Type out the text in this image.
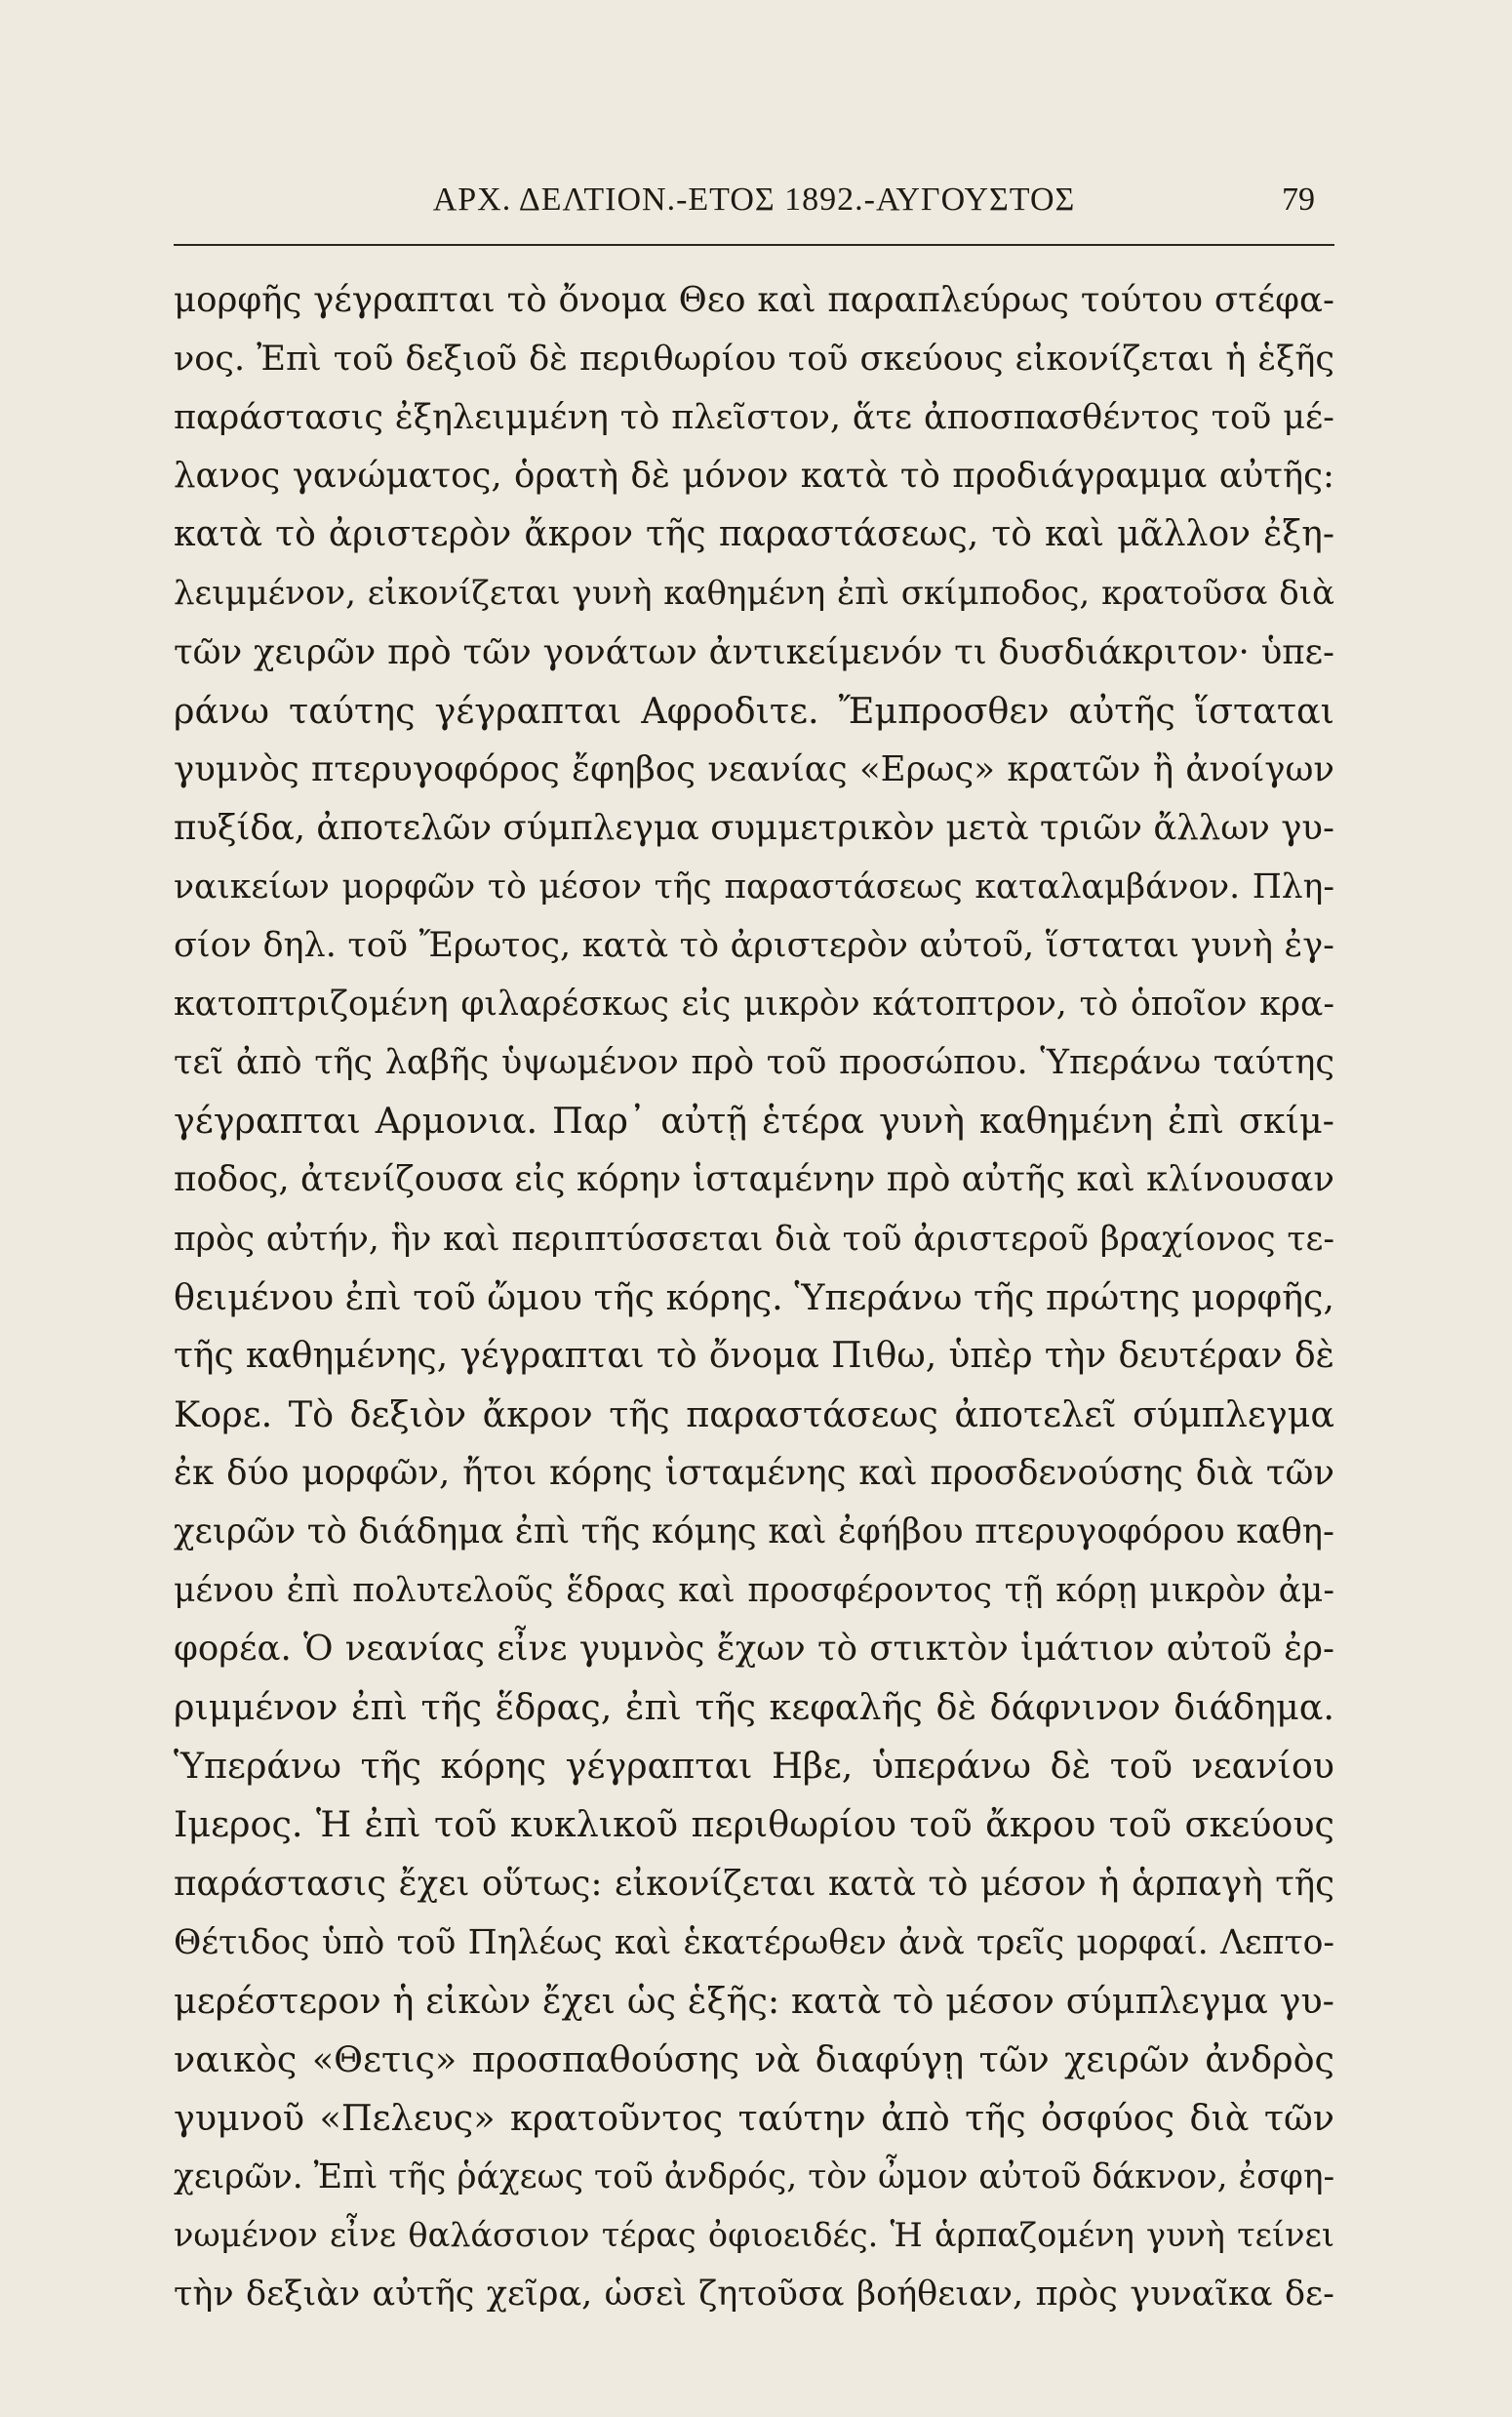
ΑΡΧ. ΔΕΛΤΙΟΝ.-ΕΤΟΣ 1892.-ΑΥΓΟΥΣΤΟΣ	79
μορφῆς γέγραπται τὸ ὄνομα Θεο καὶ παραπλεύρως τούτου στέφα-
νος. Ἐπὶ τοῦ δεξιοῦ δὲ περιθωρίου τοῦ σκεύους εἰκονίζεται ἡ ἑξῆς
παράστασις ἐξηλειμμένη τὸ πλεῖστον, ἅτε ἀποσπασθέντος τοῦ μέ-
λανος γανώματος, ὁρατὴ δὲ μόνον κατὰ τὸ προδιάγραμμα αὐτῆς:
κατὰ τὸ ἀριστερὸν ἄκρον τῆς παραστάσεως, τὸ καὶ μᾶλλον ἐξη-
λειμμένον, εἰκονίζεται γυνὴ καθημένη ἐπὶ σκίμποδος, κρατοῦσα διὰ
τῶν χειρῶν πρὸ τῶν γονάτων ἀντικείμενόν τι δυσδιάκριτον· ὑπε-
ράνω ταύτης γέγραπται Αφροδιτε. Ἔμπροσθεν αὐτῆς ἵσταται
γυμνὸς πτερυγοφόρος ἔφηβος νεανίας «Ερως» κρατῶν ἢ ἀνοίγων
πυξίδα, ἀποτελῶν σύμπλεγμα συμμετρικὸν μετὰ τριῶν ἄλλων γυ-
ναικείων μορφῶν τὸ μέσον τῆς παραστάσεως καταλαμβάνον. Πλη-
σίον δηλ. τοῦ Ἔρωτος, κατὰ τὸ ἀριστερὸν αὐτοῦ, ἵσταται γυνὴ ἐγ-
κατοπτριζομένη φιλαρέσκως εἰς μικρὸν κάτοπτρον, τὸ ὁποῖον κρα-
τεῖ ἀπὸ τῆς λαβῆς ὑψωμένον πρὸ τοῦ προσώπου. Ὑπεράνω ταύτης
γέγραπται Αρμονια. Παρ᾽ αὐτῇ ἑτέρα γυνὴ καθημένη ἐπὶ σκίμ-
ποδος, ἀτενίζουσα εἰς κόρην ἱσταμένην πρὸ αὐτῆς καὶ κλίνουσαν
πρὸς αὐτήν, ἣν καὶ περιπτύσσεται διὰ τοῦ ἀριστεροῦ βραχίονος τε-
θειμένου ἐπὶ τοῦ ὤμου τῆς κόρης. Ὑπεράνω τῆς πρώτης μορφῆς,
τῆς καθημένης, γέγραπται τὸ ὄνομα Πιθω, ὑπὲρ τὴν δευτέραν δὲ
Κορε. Τὸ δεξιὸν ἄκρον τῆς παραστάσεως ἀποτελεῖ σύμπλεγμα
ἐκ δύο μορφῶν, ἤτοι κόρης ἱσταμένης καὶ προσδενούσης διὰ τῶν
χειρῶν τὸ διάδημα ἐπὶ τῆς κόμης καὶ ἐφήβου πτερυγοφόρου καθη-
μένου ἐπὶ πολυτελοῦς ἕδρας καὶ προσφέροντος τῇ κόρῃ μικρὸν ἀμ-
φορέα. Ὁ νεανίας εἶνε γυμνὸς ἔχων τὸ στικτὸν ἱμάτιον αὐτοῦ ἐρ-
ριμμένον ἐπὶ τῆς ἕδρας, ἐπὶ τῆς κεφαλῆς δὲ δάφνινον διάδημα.
Ὑπεράνω τῆς κόρης γέγραπται Ηβε, ὑπεράνω δὲ τοῦ νεανίου
Ιμερος. Ἡ ἐπὶ τοῦ κυκλικοῦ περιθωρίου τοῦ ἄκρου τοῦ σκεύους
παράστασις ἔχει οὕτως: εἰκονίζεται κατὰ τὸ μέσον ἡ ἁρπαγὴ τῆς
Θέτιδος ὑπὸ τοῦ Πηλέως καὶ ἑκατέρωθεν ἀνὰ τρεῖς μορφαί. Λεπτο-
μερέστερον ἡ εἰκὼν ἔχει ὡς ἑξῆς: κατὰ τὸ μέσον σύμπλεγμα γυ-
ναικὸς «Θετις» προσπαθούσης νὰ διαφύγῃ τῶν χειρῶν ἀνδρὸς
γυμνοῦ «Πελευς» κρατοῦντος ταύτην ἀπὸ τῆς ὀσφύος διὰ τῶν
χειρῶν. Ἐπὶ τῆς ῥάχεως τοῦ ἀνδρός, τὸν ὦμον αὐτοῦ δάκνον, ἐσφη-
νωμένον εἶνε θαλάσσιον τέρας ὀφιοειδές. Ἡ ἁρπαζομένη γυνὴ τείνει
τὴν δεξιὰν αὐτῆς χεῖρα, ὡσεὶ ζητοῦσα βοήθειαν, πρὸς γυναῖκα δε-
